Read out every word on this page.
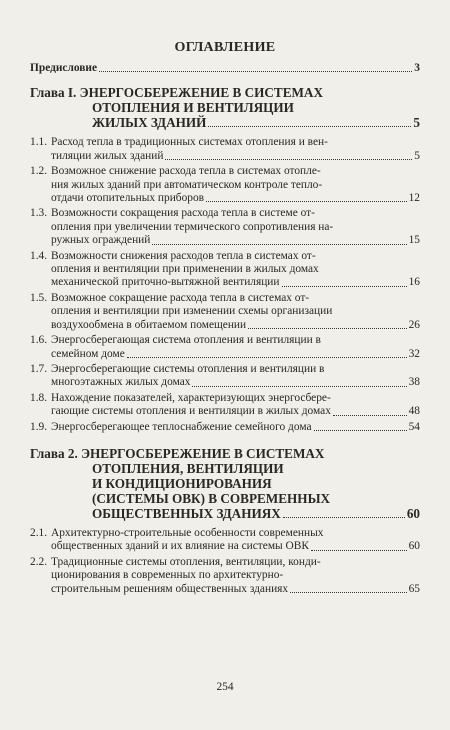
ОГЛАВЛЕНИЕ
Предисловие	3
Глава I. ЭНЕРГОСБЕРЕЖЕНИЕ В СИСТЕМАХ
ОТОПЛЕНИЯ И ВЕНТИЛЯЦИИ
ЖИЛЫХ ЗДАНИЙ	5
1.1. Расход тепла в традиционных системах отопления и вен-
тиляции жилых зданий	5
1.2. Возможное снижение расхода тепла в системах отопле-
ния жилых зданий при автоматическом контроле тепло-
отдачи отопительных приборов	12
1.3. Возможности сокращения расхода тепла в системе от-
опления при увеличении термического сопротивления на-
ружных ограждений	15
1.4. Возможности снижения расходов тепла в системах от-
опления и вентиляции при применении в жилых домах
механической приточно-вытяжной вентиляции	16
1.5. Возможное сокращение расхода тепла в системах от-
опления и вентиляции при изменении схемы организации
воздухообмена в обитаемом помещении	26
1.6. Энергосберегающая система отопления и вентиляции в
семейном доме	32
1.7. Энергосберегающие системы отопления и вентиляции в
многоэтажных жилых домах	38
1.8. Нахождение показателей, характеризующих энергосбере-
гающие системы отопления и вентиляции в жилых домах	48
1.9. Энергосберегающее теплоснабжение семейного дома	54
Глава 2. ЭНЕРГОСБЕРЕЖЕНИЕ В СИСТЕМАХ
ОТОПЛЕНИЯ, ВЕНТИЛЯЦИИ
И КОНДИЦИОНИРОВАНИЯ
(СИСТЕМЫ ОВК) В СОВРЕМЕННЫХ
ОБЩЕСТВЕННЫХ ЗДАНИЯХ	60
2.1. Архитектурно-строительные особенности современных
общественных зданий и их влияние на системы ОВК	60
2.2. Традиционные системы отопления, вентиляции, конди-
ционирования в современных по архитектурно-
строительным решениям общественных зданиях	65
254
